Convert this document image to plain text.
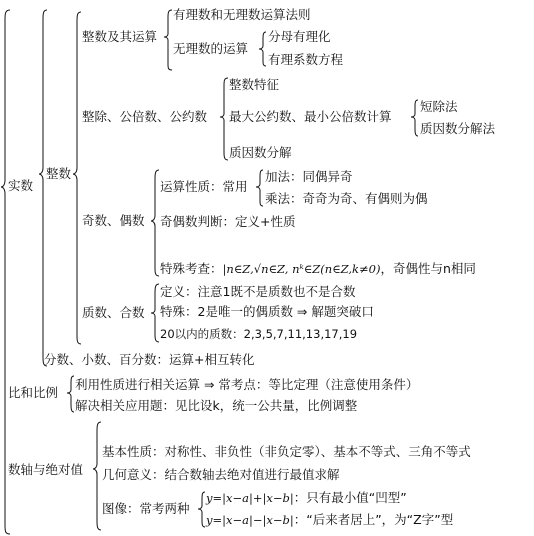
实数
整数
分数、小数、百分数：运算+相互转化
比和比例
数轴与绝对值
整数及其运算
有理数和无理数运算法则
无理数的运算
分母有理化
有理系数方程
整除、公倍数、公约数
整数特征
最大公约数、最小公倍数计算
短除法
质因数分解法
质因数分解
奇数、偶数
运算性质：常用
加法：同偶异奇
乘法：奇奇为奇、有偶则为偶
奇偶数判断：定义+性质
特殊考查：|n∈Z,√n∈Z, nᵏ∈Z(n∈Z,k≠0)，奇偶性与n相同
质数、合数
定义：注意1既不是质数也不是合数
特殊：2是唯一的偶质数 ⇒ 解题突破口
20以内的质数：2,3,5,7,11,13,17,19
利用性质进行相关运算 ⇒ 常考点：等比定理（注意使用条件）
解决相关应用题：见比设k，统一公共量，比例调整
基本性质：对称性、非负性（非负定零）、基本不等式、三角不等式
几何意义：结合数轴去绝对值进行最值求解
图像：常考两种
y=|x−a|+|x−b|：只有最小值“凹型”
y=|x−a|−|x−b|：“后来者居上”，为“Z字”型
